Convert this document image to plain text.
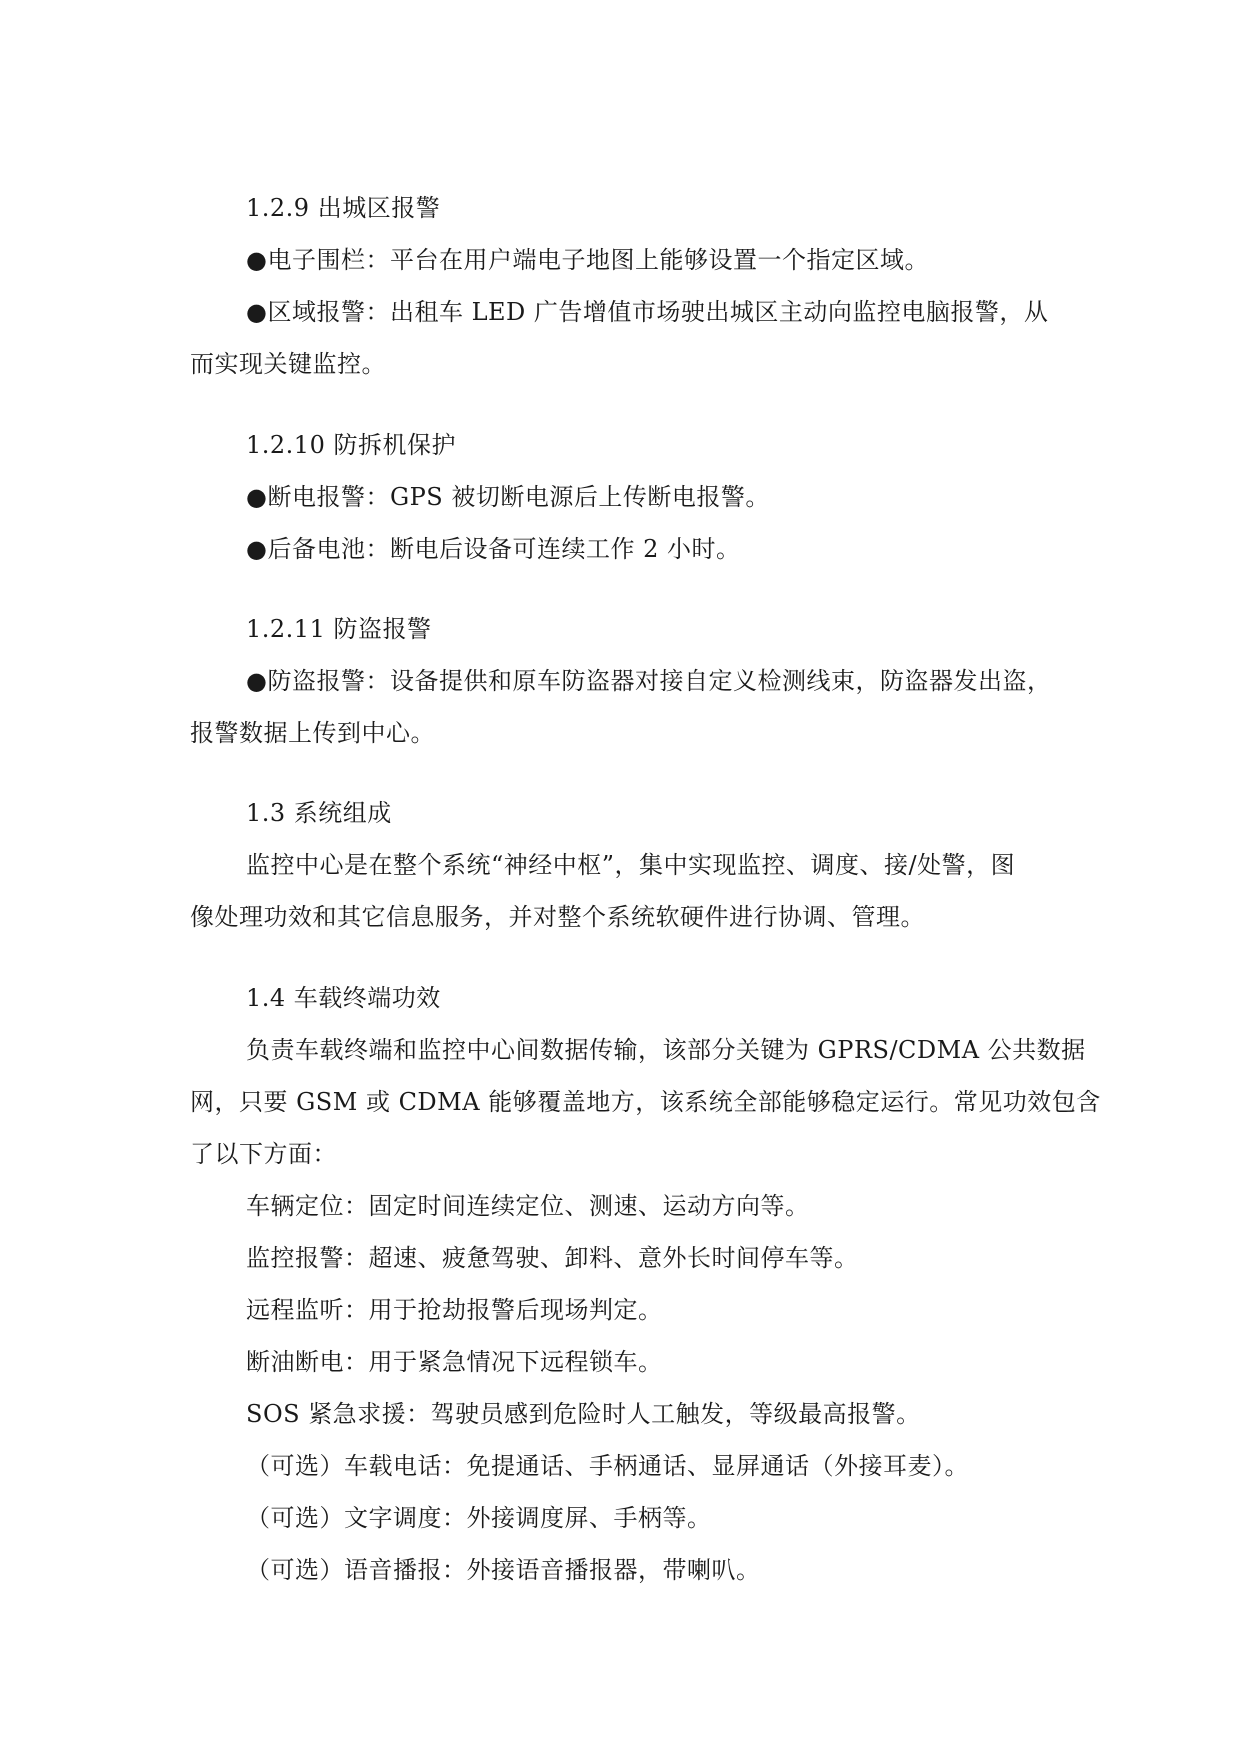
1.2.9 出城区报警
●电子围栏：平台在用户端电子地图上能够设置一个指定区域。
●区域报警：出租车 LED 广告增值市场驶出城区主动向监控电脑报警，从
而实现关键监控。
1.2.10 防拆机保护
●断电报警：GPS 被切断电源后上传断电报警。
●后备电池：断电后设备可连续工作 2 小时。
1.2.11 防盗报警
●防盗报警：设备提供和原车防盗器对接自定义检测线束，防盗器发出盗，
报警数据上传到中心。
1.3 系统组成
监控中心是在整个系统“神经中枢”，集中实现监控、调度、接/处警，图
像处理功效和其它信息服务，并对整个系统软硬件进行协调、管理。
1.4 车载终端功效
负责车载终端和监控中心间数据传输，该部分关键为 GPRS/CDMA 公共数据
网，只要 GSM 或 CDMA 能够覆盖地方，该系统全部能够稳定运行。常见功效包含
了以下方面：
车辆定位：固定时间连续定位、测速、运动方向等。
监控报警：超速、疲惫驾驶、卸料、意外长时间停车等。
远程监听：用于抢劫报警后现场判定。
断油断电：用于紧急情况下远程锁车。
SOS 紧急求援：驾驶员感到危险时人工触发，等级最高报警。
（可选）车载电话：免提通话、手柄通话、显屏通话（外接耳麦）。
（可选）文字调度：外接调度屏、手柄等。
（可选）语音播报：外接语音播报器，带喇叭。
